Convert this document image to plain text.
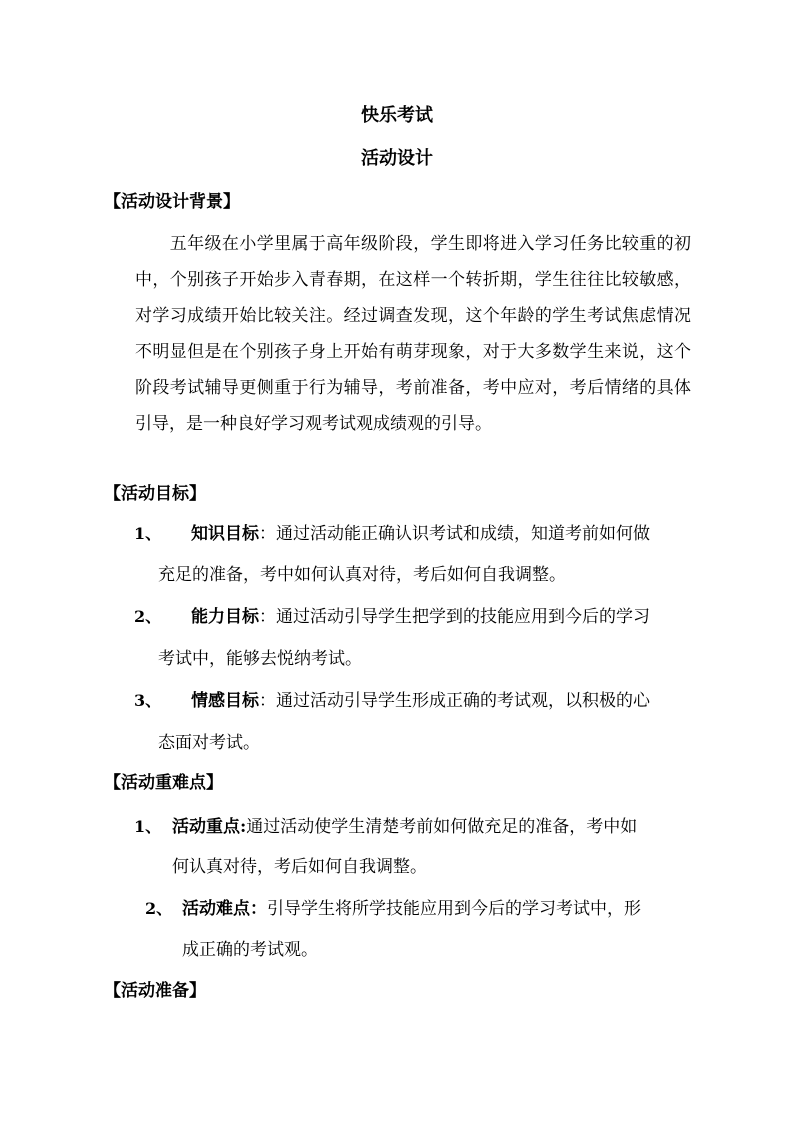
快乐考试
活动设计
【活动设计背景】
　　五年级在小学里属于高年级阶段，学生即将进入学习任务比较重的初中，个别孩子开始步入青春期，在这样一个转折期，学生往往比较敏感，对学习成绩开始比较关注。经过调查发现，这个年龄的学生考试焦虑情况不明显但是在个别孩子身上开始有萌芽现象，对于大多数学生来说，这个阶段考试辅导更侧重于行为辅导，考前准备，考中应对，考后情绪的具体引导，是一种良好学习观考试观成绩观的引导。
【活动目标】
1、 知识目标：通过活动能正确认识考试和成绩，知道考前如何做
充足的准备，考中如何认真对待，考后如何自我调整。
2、 能力目标：通过活动引导学生把学到的技能应用到今后的学习
考试中，能够去悦纳考试。
3、 情感目标：通过活动引导学生形成正确的考试观，以积极的心
态面对考试。
【活动重难点】
1、 活动重点:通过活动使学生清楚考前如何做充足的准备，考中如
何认真对待，考后如何自我调整。
2、 活动难点：引导学生将所学技能应用到今后的学习考试中，形
成正确的考试观。
【活动准备】
